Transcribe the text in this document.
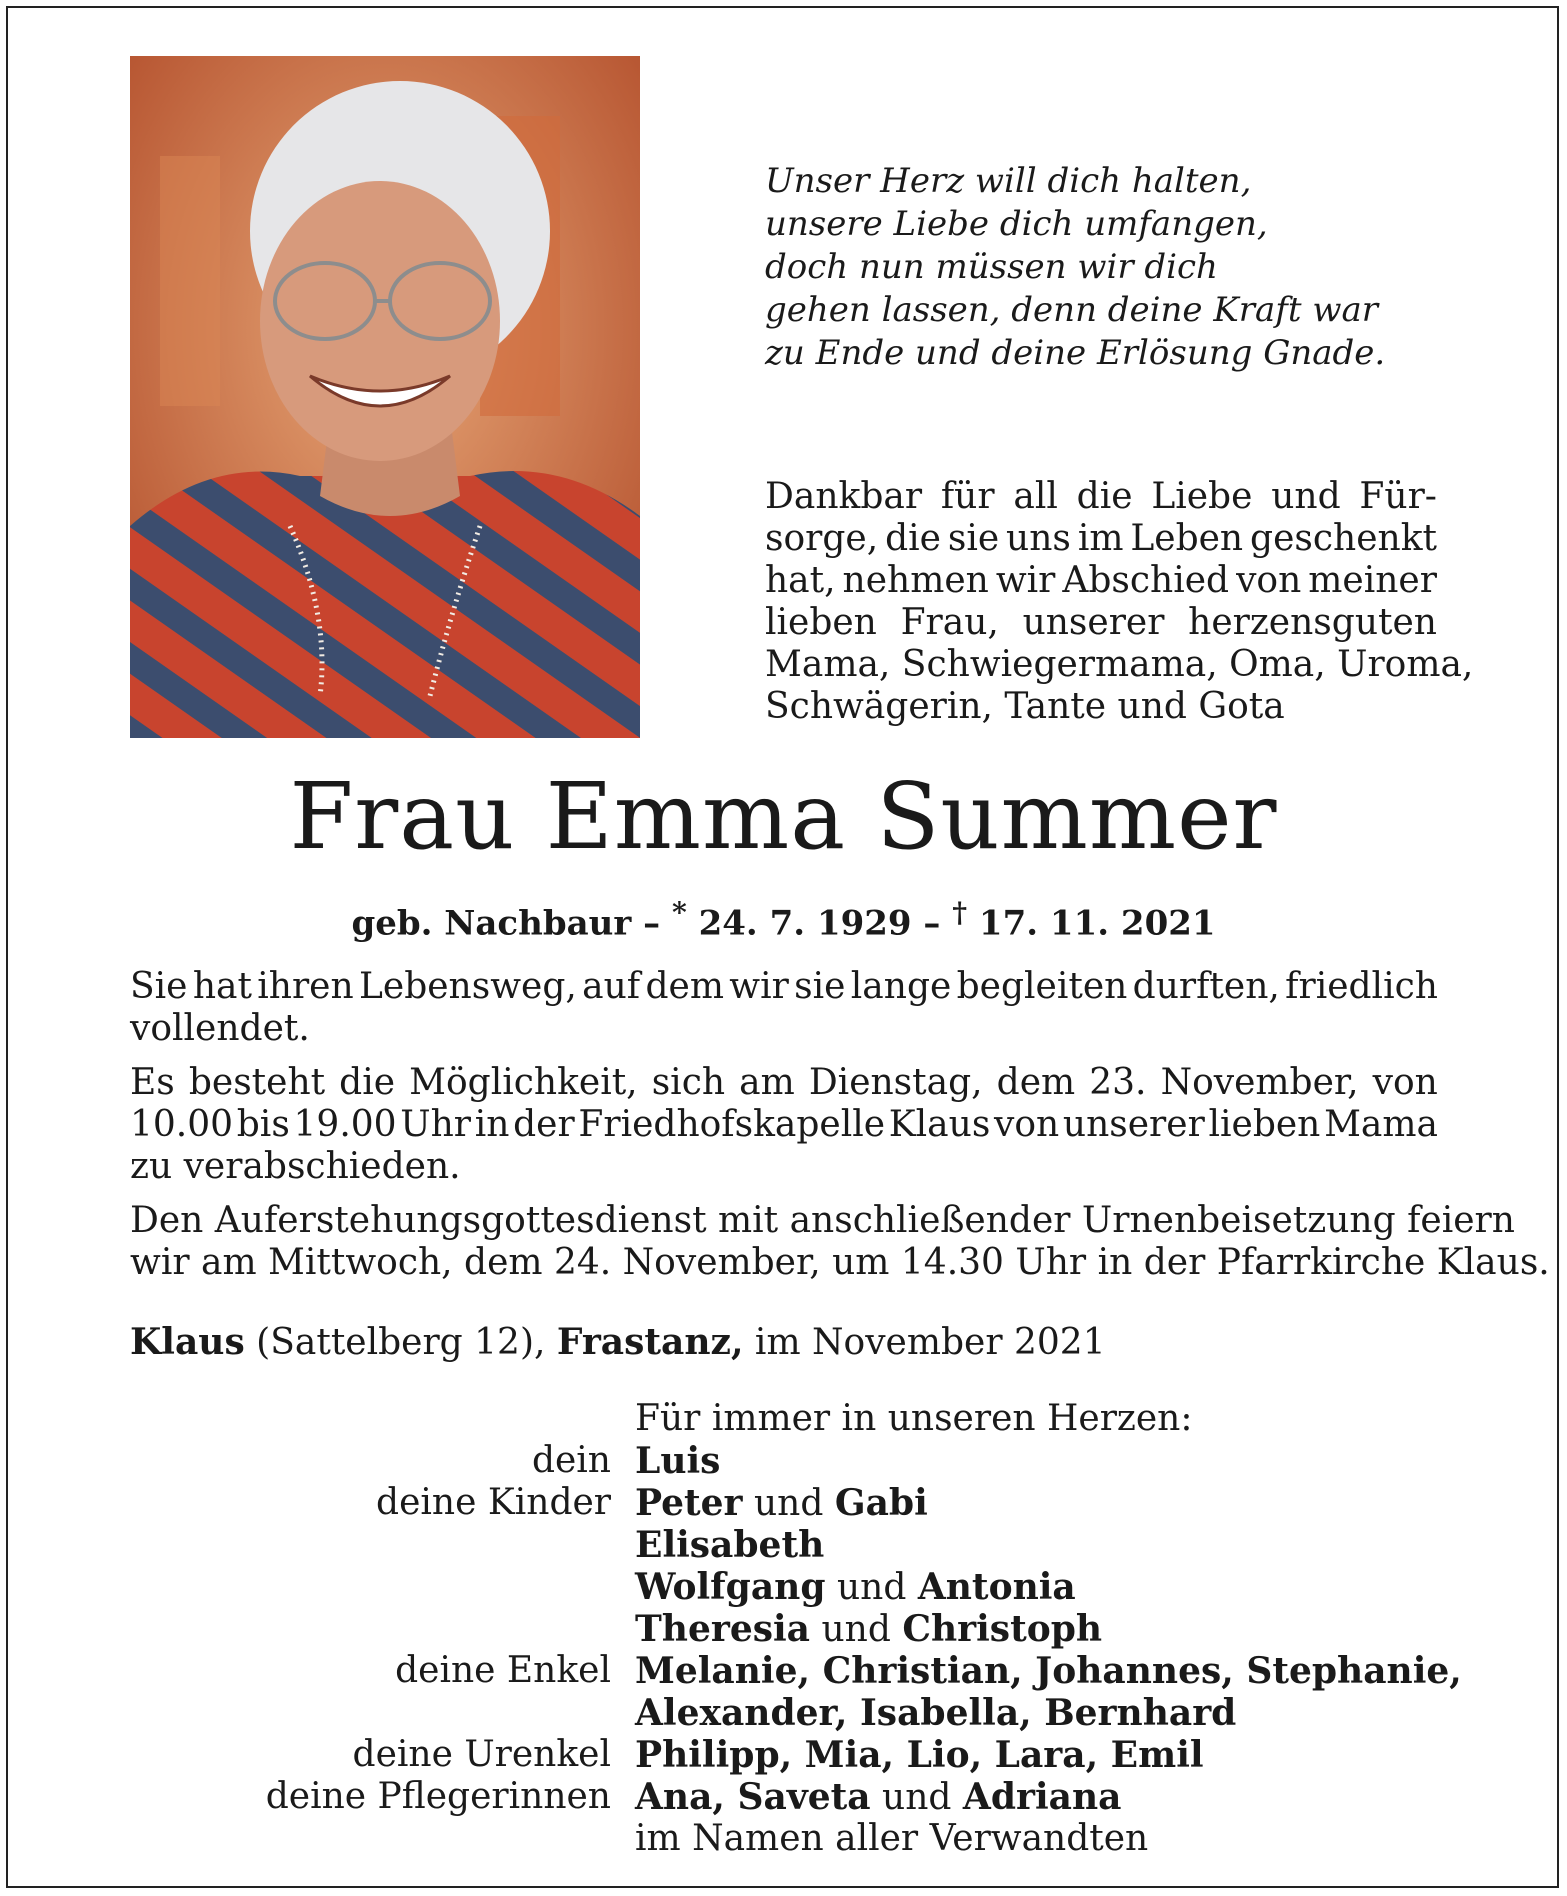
Unser Herz will dich halten,
unsere Liebe dich umfangen,
doch nun müssen wir dich
gehen lassen, denn deine Kraft war
zu Ende und deine Erlösung Gnade.
Dankbar für all die Liebe und Für-
sorge, die sie uns im Leben geschenkt
hat, nehmen wir Abschied von meiner
lieben Frau, unserer herzensguten
Mama, Schwiegermama, Oma, Uroma,
Schwägerin, Tante und Gota
Frau Emma Summer
geb. Nachbaur – * 24. 7. 1929 – † 17. 11. 2021

Sie hat ihren Lebensweg, auf dem wir sie lange begleiten durften, friedlich
vollendet.

Es besteht die Möglichkeit, sich am Dienstag, dem 23. November, von
10.00 bis 19.00 Uhr in der Friedhofskapelle Klaus von unserer lieben Mama
zu verabschieden.

Den Auferstehungsgottesdienst mit anschließender Urnenbeisetzung feiern
wir am Mittwoch, dem 24. November, um 14.30 Uhr in der Pfarrkirche Klaus.

Klaus (Sattelberg 12), Frastanz, im November 2021
Für immer in unseren Herzen:
dein Luis
deine Kinder Peter und Gabi
Elisabeth
Wolfgang und Antonia
Theresia und Christoph
deine Enkel Melanie, Christian, Johannes, Stephanie,
Alexander, Isabella, Bernhard
deine Urenkel Philipp, Mia, Lio, Lara, Emil
deine Pflegerinnen Ana, Saveta und Adriana
im Namen aller Verwandten
